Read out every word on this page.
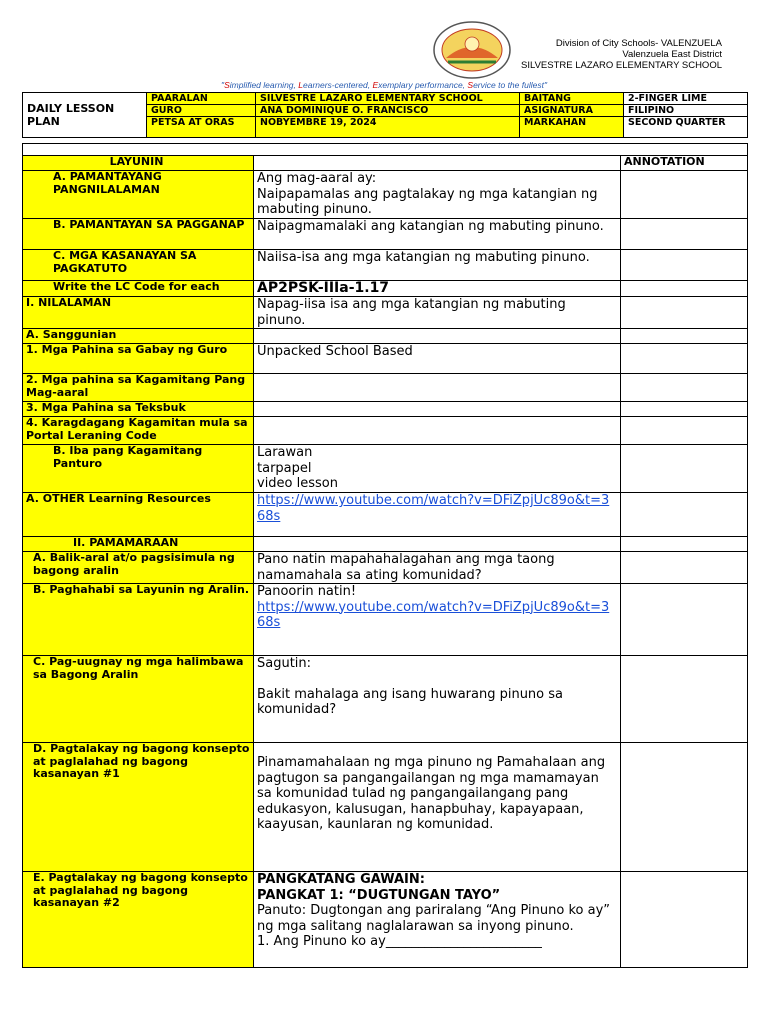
Division of City Schools- VALENZUELA
Valenzuela East District
SILVESTRE LAZARO ELEMENTARY SCHOOL
"Simplified learning, Learners-centered, Exemplary performance, Service to the fullest"
DAILY LESSON PLAN	PAARALAN	SILVESTRE LAZARO ELEMENTARY SCHOOL	BAITANG	2-FINGER LIME
	GURO	ANA DOMINIQUE O. FRANCISCO	ASIGNATURA	FILIPINO
	PETSA AT ORAS	NOBYEMBRE 19, 2024	MARKAHAN	SECOND QUARTER

LAYUNIN		ANNOTATION
A. PAMANTAYANG PANGNILALAMAN	Ang mag-aaral ay:
Naipapamalas ang pagtalakay ng mga katangian ng mabuting pinuno.	

B. PAMANTAYAN SA PAGGANAP	Naipagmamalaki ang katangian ng mabuting pinuno.	
C. MGA KASANAYAN SA PAGKATUTO	Naiisa-isa ang mga katangian ng mabuting pinuno.	
Write the LC Code for each	AP2PSK-IIIa-1.17	
I. NILALAMAN	Napag-iisa isa ang mga katangian ng mabuting pinuno.	
A. Sanggunian		
1. Mga Pahina sa Gabay ng Guro	Unpacked School Based	
2. Mga pahina sa Kagamitang Pang Mag-aaral		
3. Mga Pahina sa Teksbuk		
4. Karagdagang Kagamitan mula sa Portal Leraning Code		
B. Iba pang Kagamitang Panturo	Larawan
tarpapel
video lesson	

A. OTHER Learning Resources	https://www.youtube.com/watch?v=DFiZpjUc89o&t=368s	
II. PAMAMARAAN		
A. Balik-aral at/o pagsisimula ng bagong aralin	Pano natin mapahahalagahan ang mga taong namamahala sa ating komunidad?	
B. Paghahabi sa Layunin ng Aralin.	Panoorin natin!
https://www.youtube.com/watch?v=DFiZpjUc89o&t=368s	
C. Pag-uugnay ng mga halimbawa sa Bagong Aralin	Sagutin:
Bakit mahalaga ang isang huwarang pinuno sa komunidad?	

D. Pagtalakay ng bagong konsepto at paglalahad ng bagong kasanayan #1	Pinamamahalaan ng mga pinuno ng Pamahalaan ang pagtugon sa pangangailangan ng mga mamamayan sa komunidad tulad ng pangangailangang pang edukasyon, kalusugan, hanapbuhay, kapayapaan, kaayusan, kaunlaran ng komunidad.	
E. Pagtalakay ng bagong konsepto at paglalahad ng bagong kasanayan #2	PANGKATANG GAWAIN:
PANGKAT 1: “DUGTUNGAN TAYO”
Panuto: Dugtongan ang pariralang “Ang Pinuno ko ay” ng mga salitang naglalarawan sa inyong pinuno.
1. Ang Pinuno ko ay________________________	
